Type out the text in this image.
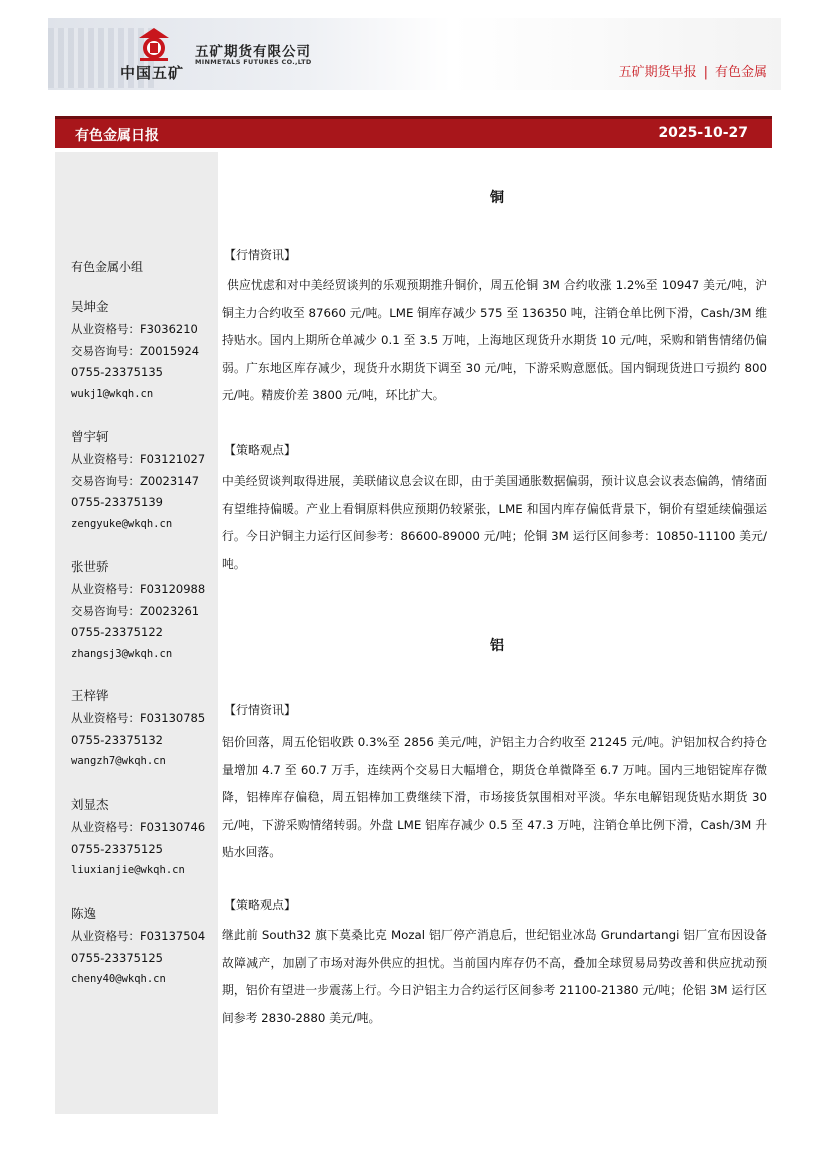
中国五矿
五矿期货有限公司
MINMETALS FUTURES CO.,LTD
五矿期货早报 | 有色金属
有色金属日报	2025-10-27
有色金属小组
吴坤金
从业资格号：F3036210
交易咨询号：Z0015924
0755-23375135
wukj1@wkqh.cn
曾宇轲
从业资格号：F03121027
交易咨询号：Z0023147
0755-23375139
zengyuke@wkqh.cn
张世骄
从业资格号：F03120988
交易咨询号：Z0023261
0755-23375122
zhangsj3@wkqh.cn
王梓铧
从业资格号：F03130785
0755-23375132
wangzh7@wkqh.cn
刘显杰
从业资格号：F03130746
0755-23375125
liuxianjie@wkqh.cn
陈逸
从业资格号：F03137504
0755-23375125
cheny40@wkqh.cn
铜
【行情资讯】
供应忧虑和对中美经贸谈判的乐观预期推升铜价，周五伦铜 3M 合约收涨 1.2%至 10947 美元/吨，沪铜主力合约收至 87660 元/吨。LME 铜库存减少 575 至 136350 吨，注销仓单比例下滑，Cash/3M 维持贴水。国内上期所仓单减少 0.1 至 3.5 万吨，上海地区现货升水期货 10 元/吨，采购和销售情绪仍偏弱。广东地区库存减少，现货升水期货下调至 30 元/吨，下游采购意愿低。国内铜现货进口亏损约 800 元/吨。精废价差 3800 元/吨，环比扩大。
【策略观点】
中美经贸谈判取得进展，美联储议息会议在即，由于美国通胀数据偏弱，预计议息会议表态偏鸽，情绪面有望维持偏暖。产业上看铜原料供应预期仍较紧张，LME 和国内库存偏低背景下，铜价有望延续偏强运行。今日沪铜主力运行区间参考：86600-89000 元/吨；伦铜 3M 运行区间参考：10850-11100 美元/吨。
铝
【行情资讯】
铝价回落，周五伦铝收跌 0.3%至 2856 美元/吨，沪铝主力合约收至 21245 元/吨。沪铝加权合约持仓量增加 4.7 至 60.7 万手，连续两个交易日大幅增仓，期货仓单微降至 6.7 万吨。国内三地铝锭库存微降，铝棒库存偏稳，周五铝棒加工费继续下滑，市场接货氛围相对平淡。华东电解铝现货贴水期货 30 元/吨，下游采购情绪转弱。外盘 LME 铝库存减少 0.5 至 47.3 万吨，注销仓单比例下滑，Cash/3M 升贴水回落。
【策略观点】
继此前 South32 旗下莫桑比克 Mozal 铝厂停产消息后，世纪铝业冰岛 Grundartangi 铝厂宣布因设备故障减产，加剧了市场对海外供应的担忧。当前国内库存仍不高，叠加全球贸易局势改善和供应扰动预期，铝价有望进一步震荡上行。今日沪铝主力合约运行区间参考 21100-21380 元/吨；伦铝 3M 运行区间参考 2830-2880 美元/吨。
